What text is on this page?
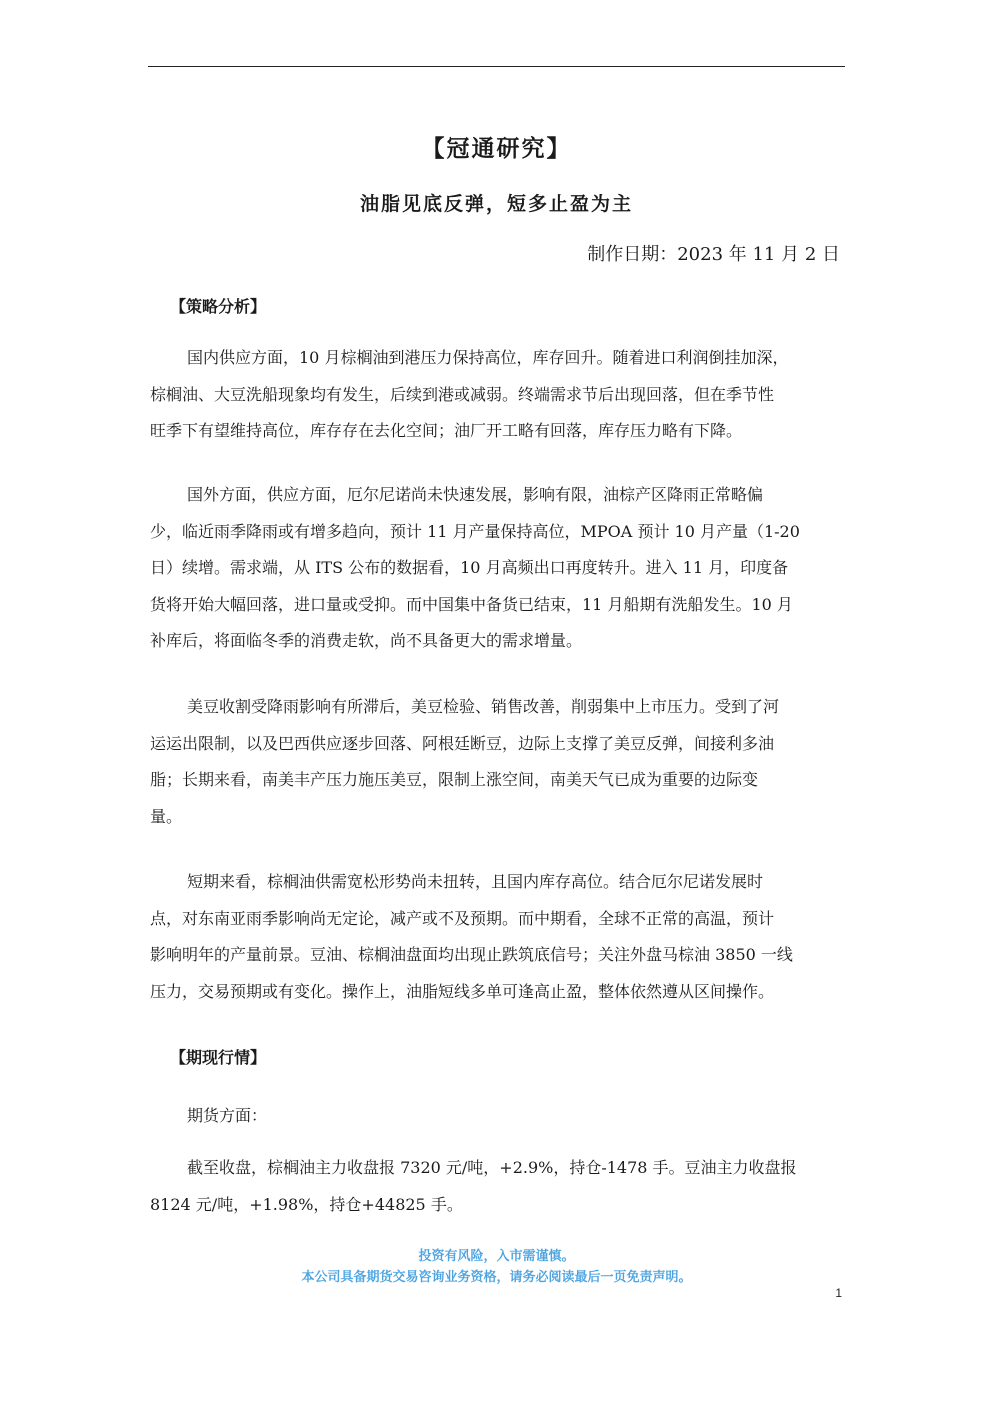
【冠通研究】
油脂见底反弹，短多止盈为主
制作日期：2023 年 11 月 2 日
【策略分析】
国内供应方面，10 月棕榈油到港压力保持高位，库存回升。随着进口利润倒挂加深，
棕榈油、大豆洗船现象均有发生，后续到港或减弱。终端需求节后出现回落，但在季节性
旺季下有望维持高位，库存存在去化空间；油厂开工略有回落，库存压力略有下降。
国外方面，供应方面，厄尔尼诺尚未快速发展，影响有限，油棕产区降雨正常略偏
少，临近雨季降雨或有增多趋向，预计 11 月产量保持高位，MPOA 预计 10 月产量（1-20
日）续增。需求端，从 ITS 公布的数据看，10 月高频出口再度转升。进入 11 月，印度备
货将开始大幅回落，进口量或受抑。而中国集中备货已结束，11 月船期有洗船发生。10 月
补库后，将面临冬季的消费走软，尚不具备更大的需求增量。
美豆收割受降雨影响有所滞后，美豆检验、销售改善，削弱集中上市压力。受到了河
运运出限制，以及巴西供应逐步回落、阿根廷断豆，边际上支撑了美豆反弹，间接利多油
脂；长期来看，南美丰产压力施压美豆，限制上涨空间，南美天气已成为重要的边际变
量。
短期来看，棕榈油供需宽松形势尚未扭转，且国内库存高位。结合厄尔尼诺发展时
点，对东南亚雨季影响尚无定论，减产或不及预期。而中期看，全球不正常的高温，预计
影响明年的产量前景。豆油、棕榈油盘面均出现止跌筑底信号；关注外盘马棕油 3850 一线
压力，交易预期或有变化。操作上，油脂短线多单可逢高止盈，整体依然遵从区间操作。
【期现行情】
期货方面：
截至收盘，棕榈油主力收盘报 7320 元/吨，+2.9%，持仓-1478 手。豆油主力收盘报
8124 元/吨，+1.98%，持仓+44825 手。
投资有风险，入市需谨慎。
本公司具备期货交易咨询业务资格，请务必阅读最后一页免责声明。
1
